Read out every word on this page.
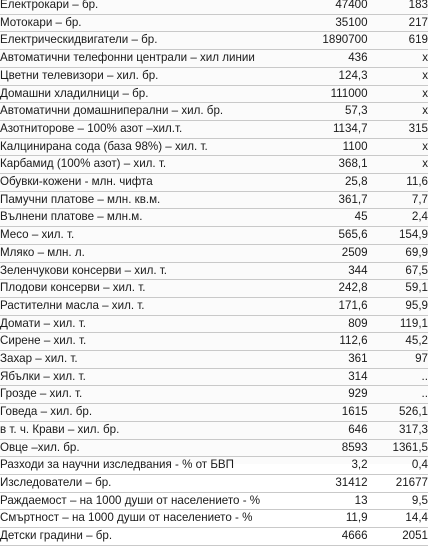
Електрокари – бр.	47400	183
Мотокари – бр.	35100	217
Електрическидвигатели – бр.	1890700	619
Автоматични телефонни централи – хил линии	436	х
Цветни телевизори – хил. бр.	124,3	х
Домашни хладилници – бр.	111000	х
Автоматични домашниперални – хил. бр.	57,3	х
Азотниторове – 100% азот –хил.т.	1134,7	315
Калцинирана сода (база 98%) – хил. т.	1100	х
Карбамид (100% азот) – хил. т.	368,1	х
Обувки-кожени - млн. чифта	25,8	11,6
Памучни платове – млн. кв.м.	361,7	7,7
Вълнени платове – млн.м.	45	2,4
Месо – хил. т.	565,6	154,9
Мляко – млн. л.	2509	69,9
Зеленчукови консерви – хил. т.	344	67,5
Плодови консерви – хил. т.	242,8	59,1
Растителни масла – хил. т.	171,6	95,9
Домати – хил. т.	809	119,1
Сирене – хил. т.	112,6	45,2
Захар – хил. т.	361	97
Ябълки – хил. т.	314	..
Грозде – хил. т.	929	..
Говеда – хил. бр.	1615	526,1
в т. ч. Крави – хил. бр.	646	317,3
Овце –хил. бр.	8593	1361,5
Разходи за научни изследвания - % от БВП	3,2	0,4
Изследователи – бр.	31412	21677
Раждаемост – на 1000 души от населението - %	13	9,5
Смъртност – на 1000 души от населението - %	11,9	14,4
Детски градини – бр.	4666	2051
